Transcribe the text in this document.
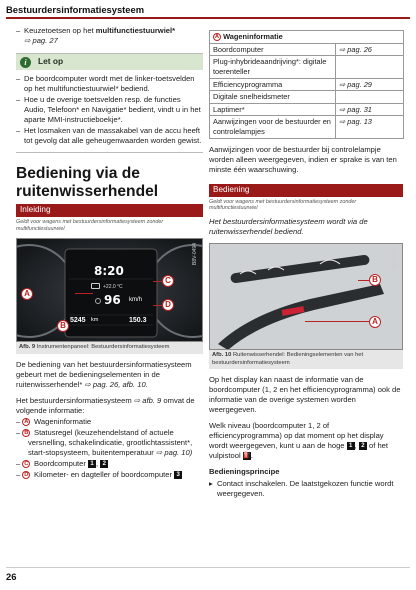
Bestuurdersinformatiesysteem
– Keuzetoetsen op het multifunctiestuurwiel*
⇨ pag. 27
i	Let op
– De boordcomputer wordt met de linker-toetsvelden op het multifunctiestuurwiel* bediend.
– Hoe u de overige toetsvelden resp. de functies Audio, Telefoon* en Navigatie* bedient, vindt u in het aparte MMI-instructieboekje*.
– Het losmaken van de massakabel van de accu heeft tot gevolg dat alle geheugenwaarden worden gewist.
Bediening via de ruitenwisserhendel
Inleiding
Geldt voor wagens met bestuurdersinformatiesysteem zonder multifunctiestuurwiel
8:20
+22.0 °C
96 km/h
5245 km	150.3
A
C
D
B
B8V-0494
Afb. 9 Instrumentenpaneel: Bestuurdersinformatiesysteem

De bediening van het bestuurdersinformatiesysteem gebeurt met de bedieningselementen in de ruitenwisserhendel* ⇨ pag. 26, afb. 10.

Het bestuurdersinformatiesysteem ⇨ afb. 9 omvat de volgende informatie:

– A Wageninformatie
– B Statusregel (keuzehendelstand of actuele versnelling, schakelindicatie, grootlichtassistent*, start-stopsysteem, buitentemperatuur ⇨ pag. 10)
– C Boordcomputer 1 , 2
– D Kilometer- en dagteller of boordcomputer 3
A Wageninformatie	
Boordcomputer	⇨ pag. 26
Plug-inhybrideaandrijving*: digitale toerenteller	
Efficiencyprogramma	⇨ pag. 29
Digitale snelheidsmeter	
Laptimer*	⇨ pag. 31
Aanwijzingen voor de bestuurder en controlelampjes	⇨ pag. 13

Aanwijzingen voor de bestuurder bij controlelampje worden alleen weergegeven, indien er sprake is van ten minste één waarschuwing.

Bediening
Geldt voor wagens met bestuurdersinformatiesysteem zonder multifunctiestuurwiel

Het bestuurdersinformatiesysteem wordt via de ruitenwisserhendel bediend.

B
A
B8V-0032
Afb. 10 Ruitenwisserhendel: Bedieningselementen van het bestuurdersinformatiesysteem

Op het display kan naast de informatie van de boordcomputer (1, 2 en het efficiencyprogramma) ook de informatie van de overige systemen worden weergegeven.

Welk niveau (boordcomputer 1, 2 of efficiencyprogramma) op dat moment op het display wordt weergegeven, kunt u aan de hoge 1 , 2 of het vulpistool ⛽.

Bedieningsprincipe
▸ Contact inschakelen. De laatstgekozen functie wordt weergegeven.
26
